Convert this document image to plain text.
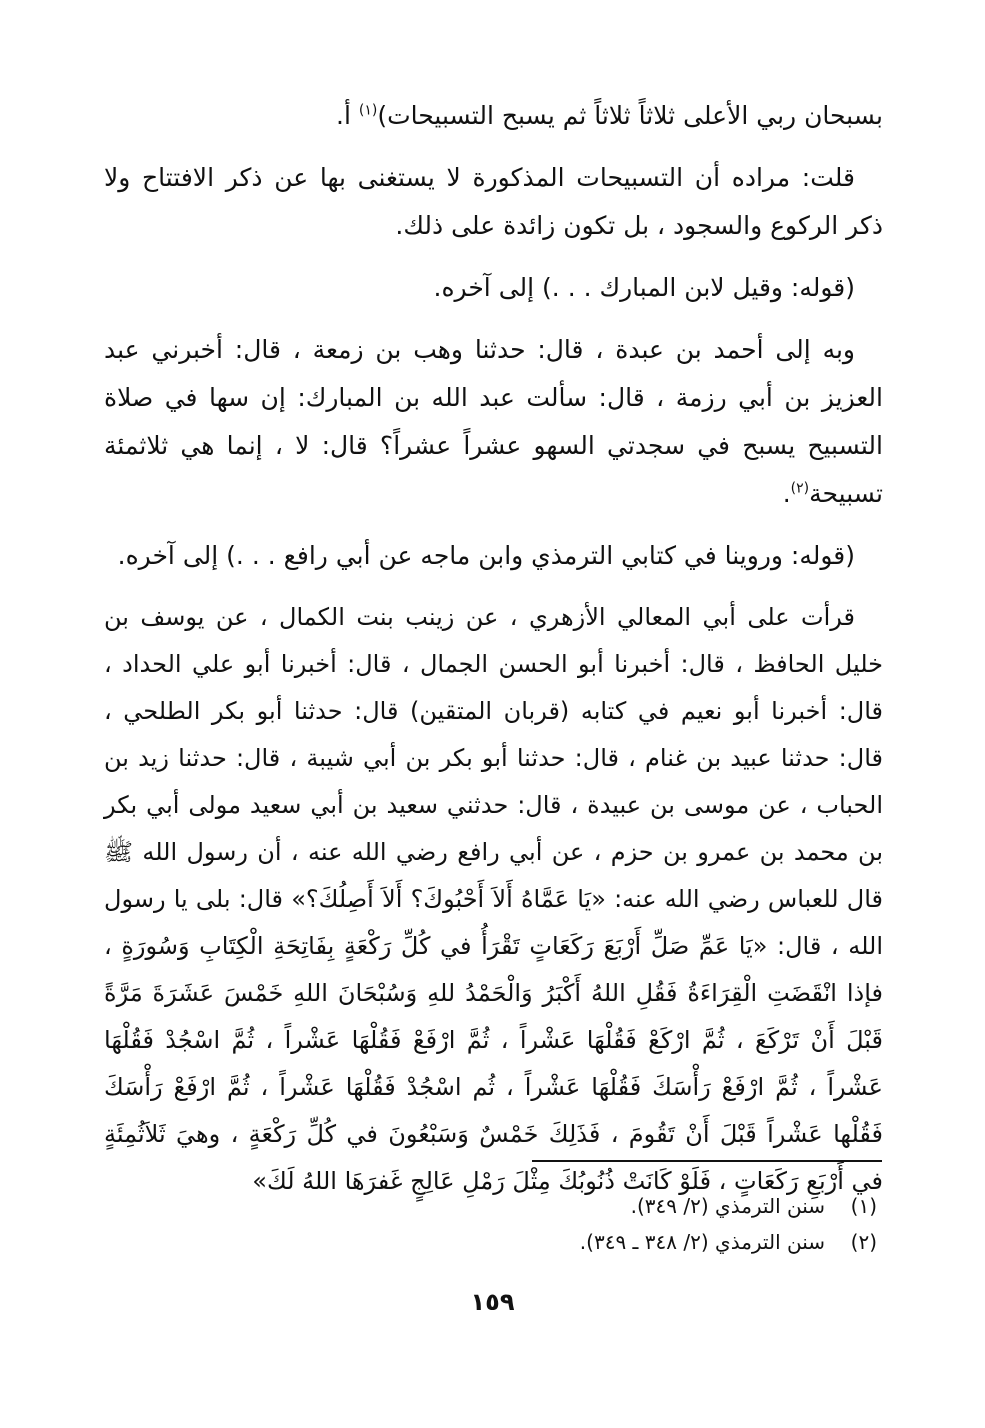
بسبحان ربي الأعلى ثلاثاً ثلاثاً ثم يسبح التسبيحات)$^{(١)}$ أ.

قلت: مراده أن التسبيحات المذكورة لا يستغنى بها عن ذكر الافتتاح ولا ذكر الركوع والسجود ، بل تكون زائدة على ذلك.

(قوله: وقيل لابن المبارك . . .) إلى آخره.

وبه إلى أحمد بن عبدة ، قال: حدثنا وهب بن زمعة ، قال: أخبرني عبد العزيز بن أبي رزمة ، قال: سألت عبد الله بن المبارك: إن سها في صلاة التسبيح يسبح في سجدتي السهو عشراً عشراً؟ قال: لا ، إنما هي ثلاثمئة تسبيحة$^{(٢)}$.

(قوله: وروينا في كتابي الترمذي وابن ماجه عن أبي رافع . . .) إلى آخره.

قرأت على أبي المعالي الأزهري ، عن زينب بنت الكمال ، عن يوسف بن خليل الحافظ ، قال: أخبرنا أبو الحسن الجمال ، قال: أخبرنا أبو علي الحداد ، قال: أخبرنا أبو نعيم في كتابه (قربان المتقين) قال: حدثنا أبو بكر الطلحي ، قال: حدثنا عبيد بن غنام ، قال: حدثنا أبو بكر بن أبي شيبة ، قال: حدثنا زيد بن الحباب ، عن موسى بن عبيدة ، قال: حدثني سعيد بن أبي سعيد مولى أبي بكر بن محمد بن عمرو بن حزم ، عن أبي رافع رضي الله عنه ، أن رسول الله ﷺ قال للعباس رضي الله عنه: «يَا عَمَّاهُ أَلاَ أَحْبُوكَ؟ أَلاَ أَصِلُكَ؟» قال: بلى يا رسول الله ، قال: «يَا عَمِّ صَلِّ أَرْبَعَ رَكَعَاتٍ تَقْرَأُ في كُلِّ رَكْعَةٍ بِفَاتِحَةِ الْكِتَابِ وَسُورَةٍ ، فإذا انْقَضَتِ الْقِرَاءَةُ فَقُلِ اللهُ أَكْبَرُ وَالْحَمْدُ للهِ وَسُبْحَانَ اللهِ خَمْسَ عَشَرَةَ مَرَّةً قَبْلَ أَنْ تَرْكَعَ ، ثُمَّ ارْكَعْ فَقُلْهَا عَشْراً ، ثُمَّ ارْفَعْ فَقُلْهَا عَشْراً ، ثُمَّ اسْجُدْ فَقُلْهَا عَشْراً ، ثُمَّ ارْفَعْ رَأْسَكَ فَقُلْهَا عَشْراً ، ثُم اسْجُدْ فَقُلْهَا عَشْراً ، ثُمَّ ارْفَعْ رَأْسَكَ فَقُلْها عَشْراً قَبْلَ أَنْ تَقُومَ ، فَذَلِكَ خَمْسٌ وَسَبْعُونَ في كُلِّ رَكْعَةٍ ، وهيَ ثَلاَثُمِئَةٍ في أَرْبَعِ رَكَعَاتٍ ، فَلَوْ كَانَتْ ذُنُوبُكَ مِثْلَ رَمْلِ عَالِجٍ غَفرَهَا اللهُ لَكَ»

(١)سنن الترمذي (٢/ ٣٤٩).
(٢)سنن الترمذي (٢/ ٣٤٨ ـ ٣٤٩).
١٥٩
